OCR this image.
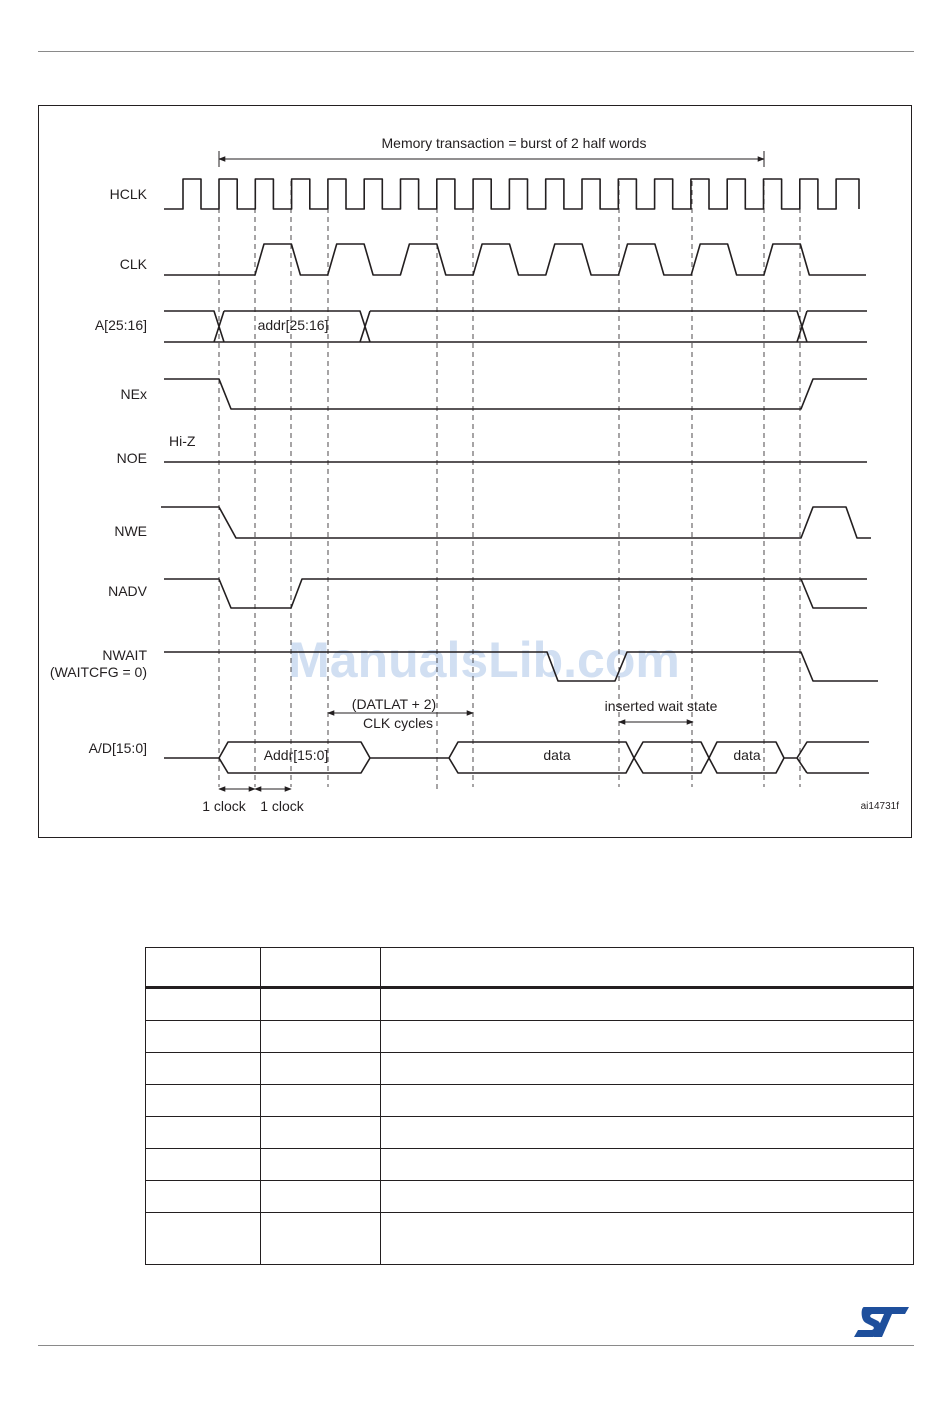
ManualsLib.com
Memory transaction = burst of 2 half words
HCLK
CLK
A[25:16]
NEx
NOE
NWE
NADV
NWAIT
(WAITCFG = 0)
A/D[15:0]
Hi-Z
addr[25:16]
Addr[15:0]	data	data
(DATLAT + 2)
CLK cycles
inserted wait state
1 clock 1 clock	ai14731f
